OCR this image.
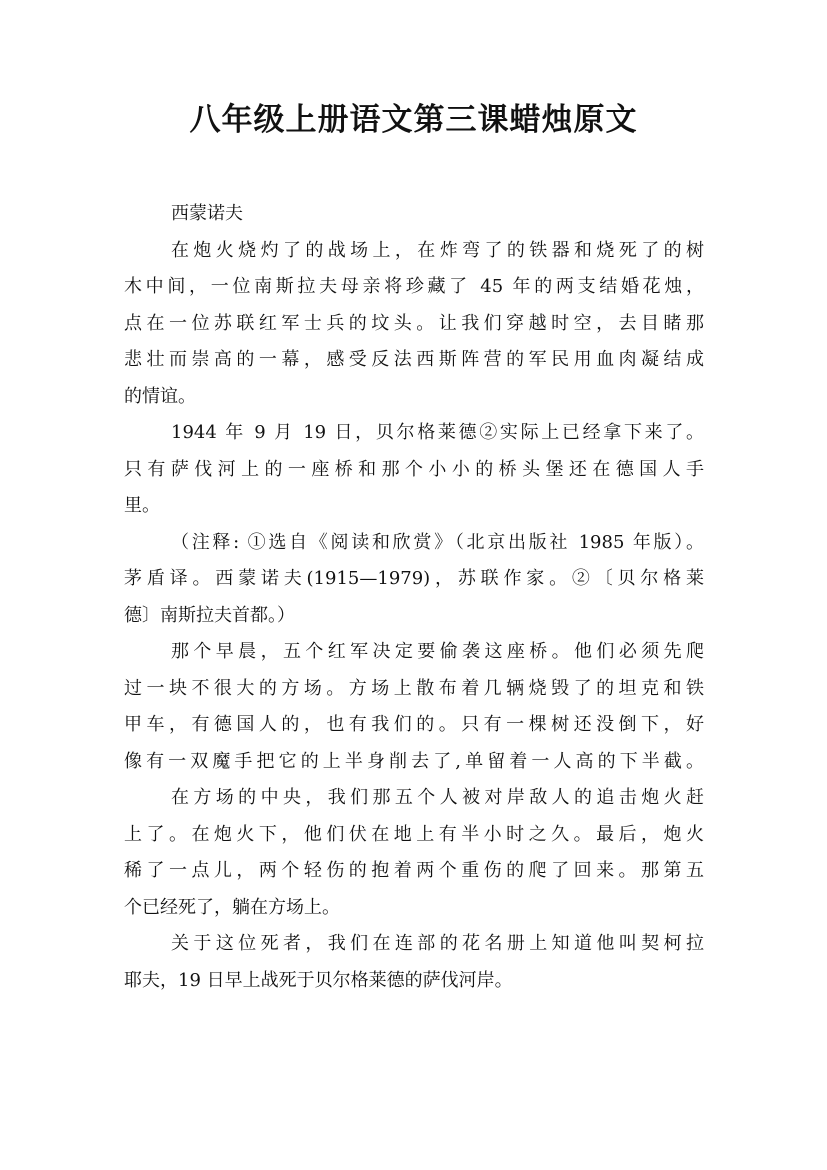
八年级上册语文第三课蜡烛原文
西蒙诺夫
在炮火烧灼了的战场上，在炸弯了的铁器和烧死了的树
木中间，一位南斯拉夫母亲将珍藏了 45 年的两支结婚花烛，
点在一位苏联红军士兵的坟头。让我们穿越时空，去目睹那
悲壮而崇高的一幕，感受反法西斯阵营的军民用血肉凝结成
的情谊。
1944 年 9 月 19 日，贝尔格莱德②实际上已经拿下来了。
只有萨伐河上的一座桥和那个小小的桥头堡还在德国人手
里。
（注释: ①选自《阅读和欣赏》（北京出版社 1985 年版）。
茅盾译。西蒙诺夫(1915—1979)，苏联作家。②〔贝尔格莱
德〕南斯拉夫首都。）
那个早晨，五个红军决定要偷袭这座桥。他们必须先爬
过一块不很大的方场。方场上散布着几辆烧毁了的坦克和铁
甲车，有德国人的，也有我们的。只有一棵树还没倒下，好
像有一双魔手把它的上半身削去了,单留着一人高的下半截。
在方场的中央，我们那五个人被对岸敌人的追击炮火赶
上了。在炮火下，他们伏在地上有半小时之久。最后，炮火
稀了一点儿，两个轻伤的抱着两个重伤的爬了回来。那第五
个已经死了，躺在方场上。
关于这位死者，我们在连部的花名册上知道他叫契柯拉
耶夫，19 日早上战死于贝尔格莱德的萨伐河岸。
